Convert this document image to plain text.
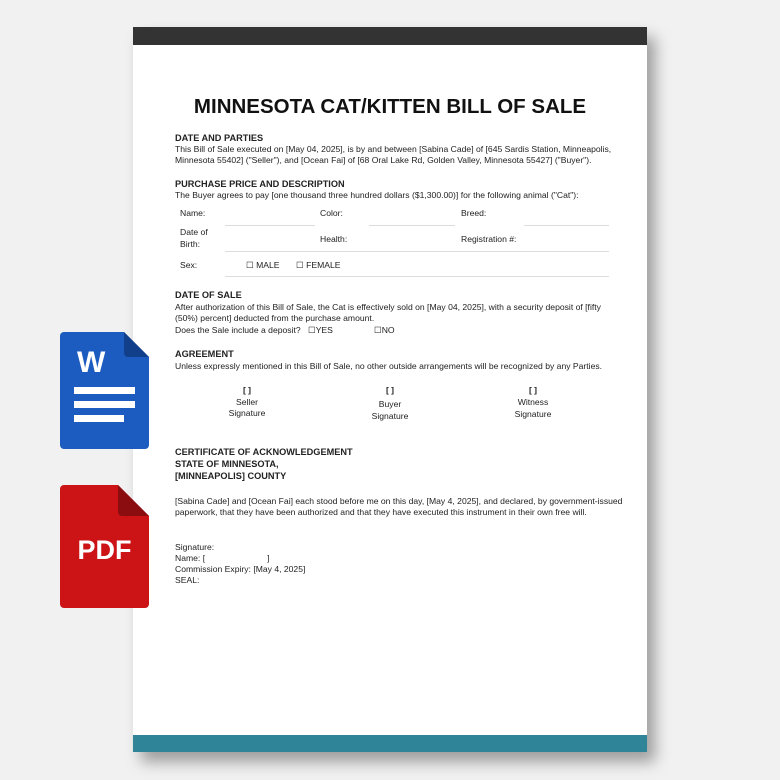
MINNESOTA CAT/KITTEN BILL OF SALE
DATE AND PARTIES
This Bill of Sale executed on [May 04, 2025], is by and between [Sabina Cade] of [645 Sardis Station, Minneapolis,
Minnesota 55402] ("Seller"), and [Ocean Fai] of [68 Oral Lake Rd, Golden Valley, Minnesota 55427] ("Buyer").
PURCHASE PRICE AND DESCRIPTION
The Buyer agrees to pay [one thousand three hundred dollars ($1,300.00)] for the following animal ("Cat"):
Name:	Color:	Breed:
Date of
Birth:	Health:	Registration #:
Sex:	☐ MALE ☐ FEMALE
DATE OF SALE
After authorization of this Bill of Sale, the Cat is effectively sold on [May 04, 2025], with a security deposit of [fifty
(50%) percent] deducted from the purchase amount.
Does the Sale include a deposit? ☐YES	☐NO
AGREEMENT
Unless expressly mentioned in this Bill of Sale, no other outside arrangements will be recognized by any Parties.
[ ]
Seller
Signature
[ ]
Buyer
Signature
[ ]
Witness
Signature
CERTIFICATE OF ACKNOWLEDGEMENT
STATE OF MINNESOTA,
[MINNEAPOLIS] COUNTY
[Sabina Cade] and [Ocean Fai] each stood before me on this day, [May 4, 2025], and declared, by government-issued
paperwork, that they have been authorized and that they have executed this instrument in their own free will.
Signature:
Name: [                          ]
Commission Expiry: [May 4, 2025]
SEAL:
W
PDF
